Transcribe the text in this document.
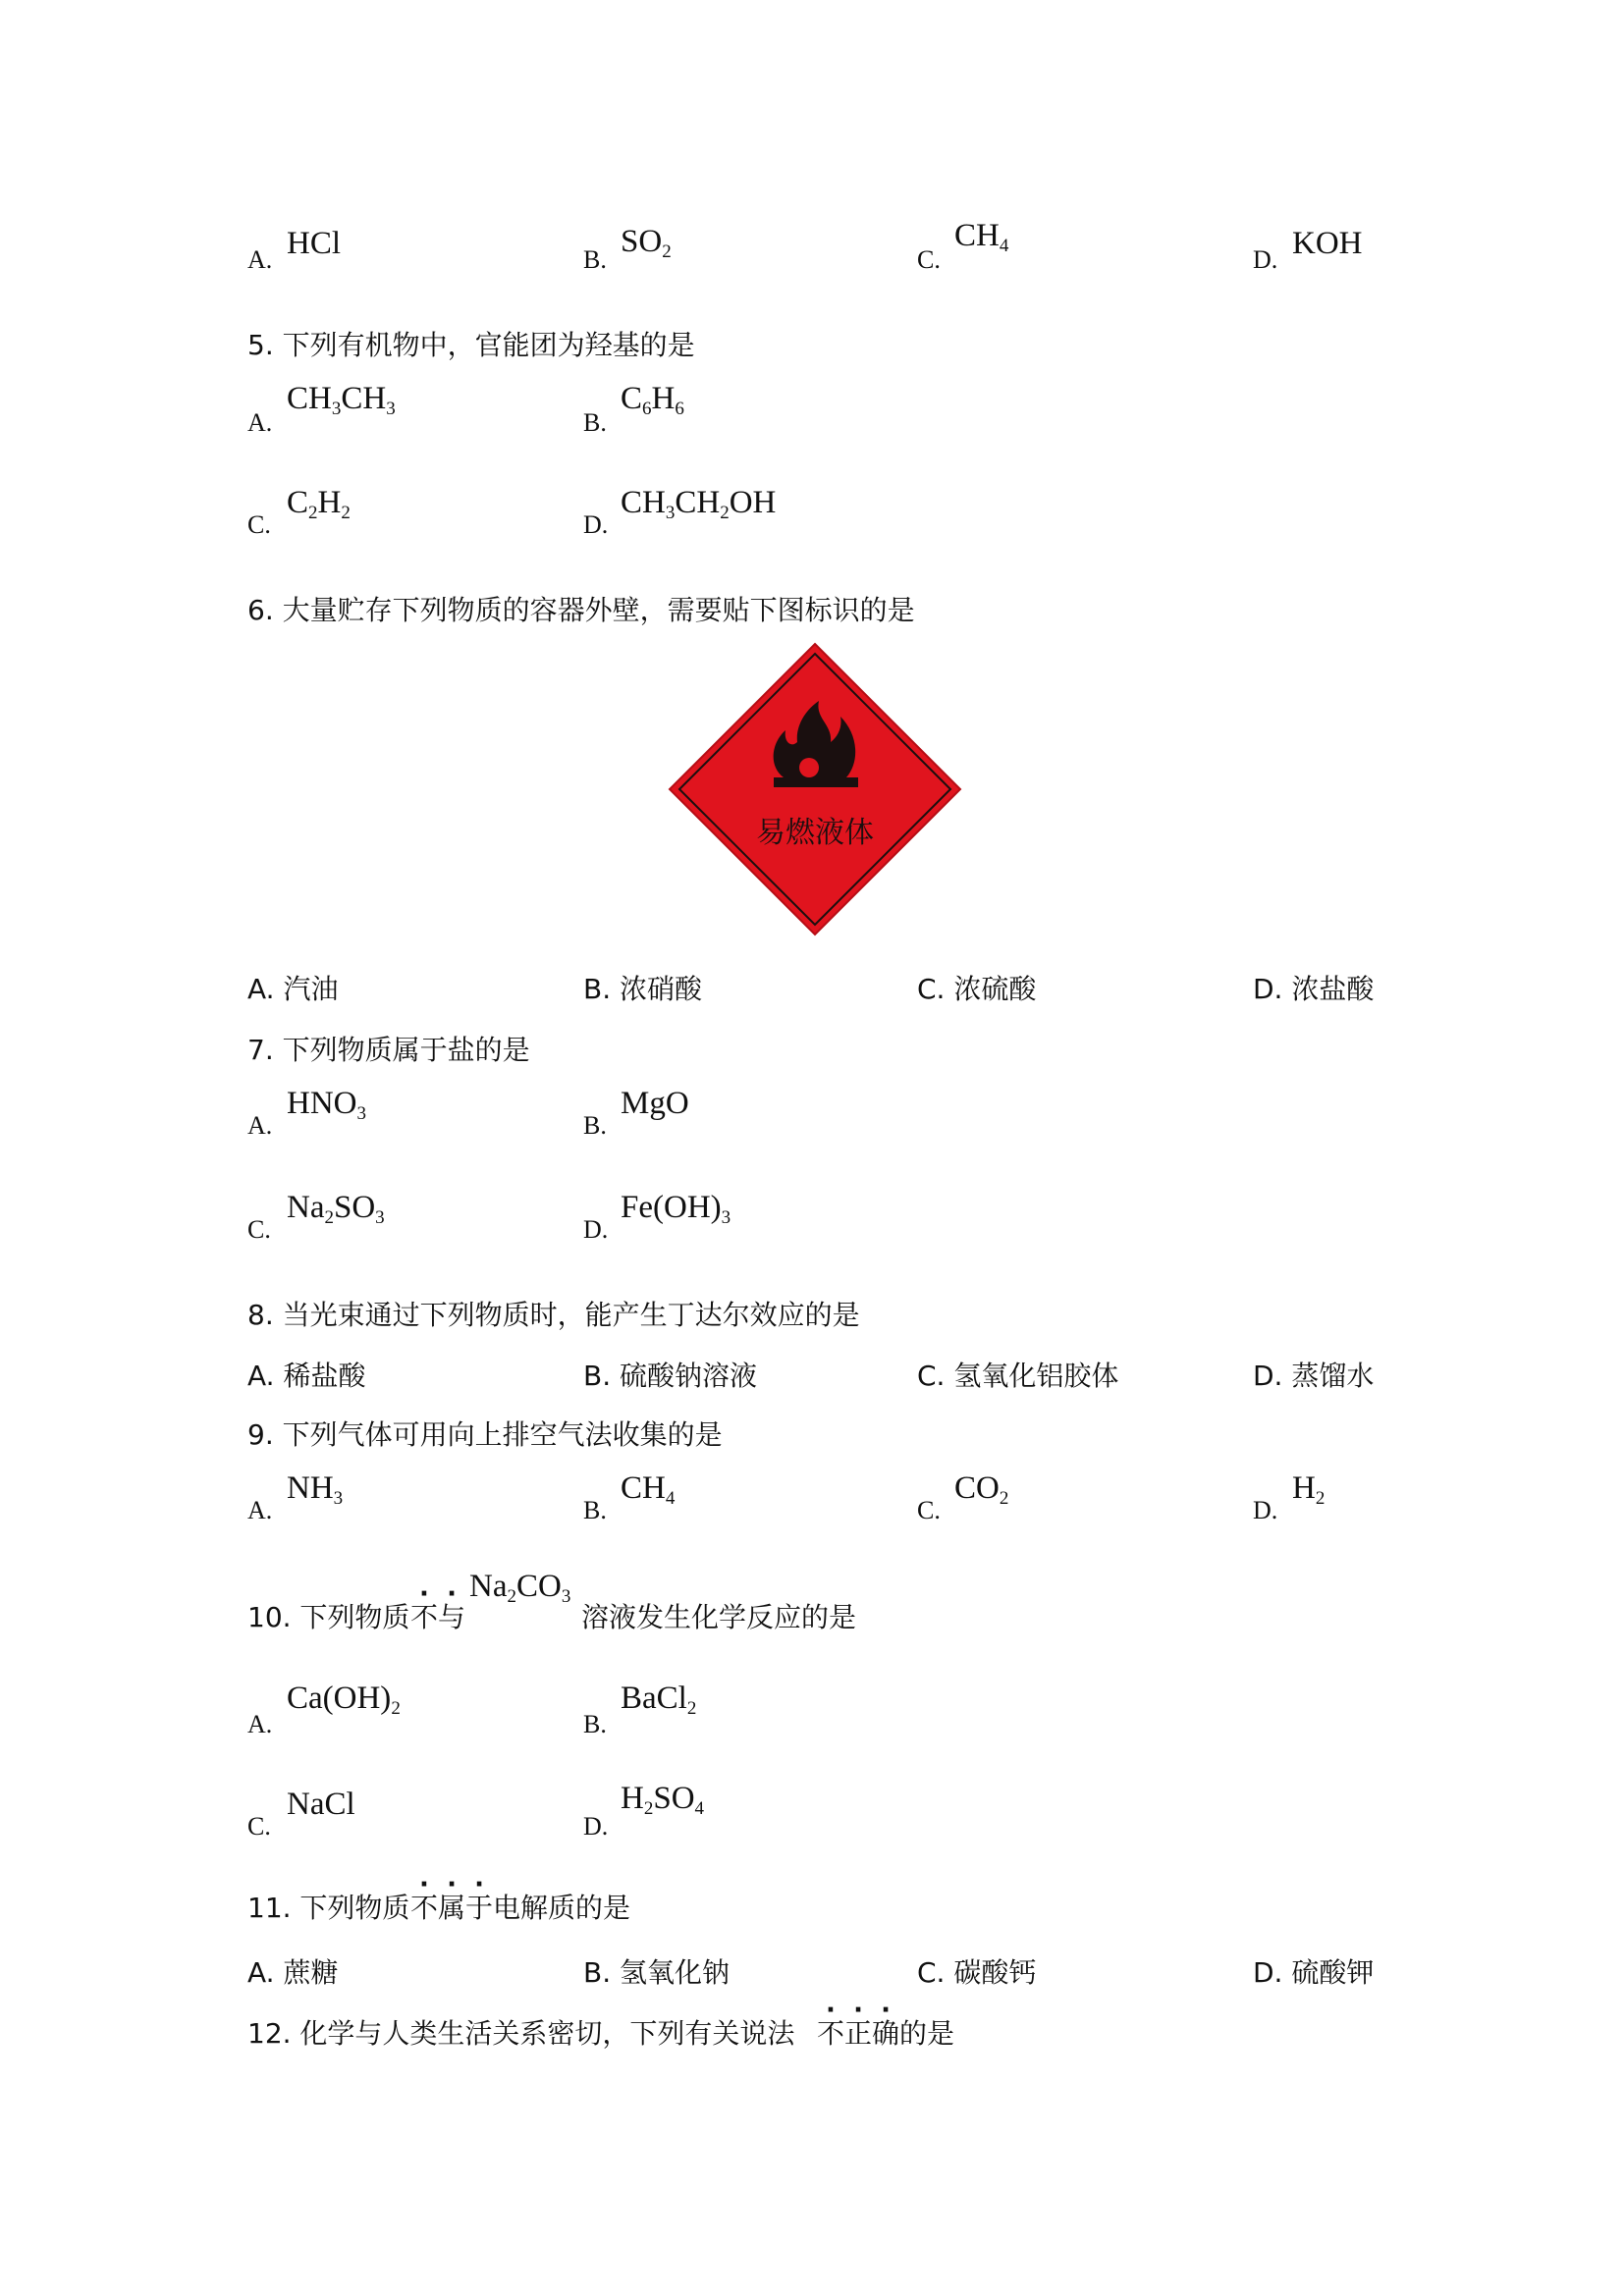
A. HCl	B.
$SO_2$	C.
$CH_4$	D. KOH
5. 下列有机物中，官能团为羟基的是
A.
$CH_3CH_3$	B.
$C_6H_6$
C.
$C_2H_2$	D.
$CH_3CH_2OH$
6. 大量贮存下列物质的容器外壁，需要贴下图标识的是
易燃液体
A. 汽油	B. 浓硝酸	C. 浓硫酸	D. 浓盐酸
7. 下列物质属于盐的是
A.
$HNO_3$	B.
MgO
C.
$Na_2SO_3$	D.
$Fe(OH)_3$
8. 当光束通过下列物质时，能产生丁达尔效应的是
A. 稀盐酸	B. 硫酸钠溶液	C. 氢氧化铝胶体	D. 蒸馏水
9. 下列气体可用向上排空气法收集的是
A.
$NH_3$	B.
$CH_4$	C.
$CO_2$	D.
$H_2$
10. 下列物质 不与
$Na_2CO_3$
溶液发生化学反应的是
A.
$Ca(OH)_2$
B.
BaCl$_2$
C.
NaCl
D.
$H_2SO_4$
11. 下列物质 不属于 电解质的是
A. 蔗糖	B. 氢氧化钠	C. 碳酸钙	D. 硫酸钾
12. 化学与人类生活关系密切，下列有关说法 不正确 的是
